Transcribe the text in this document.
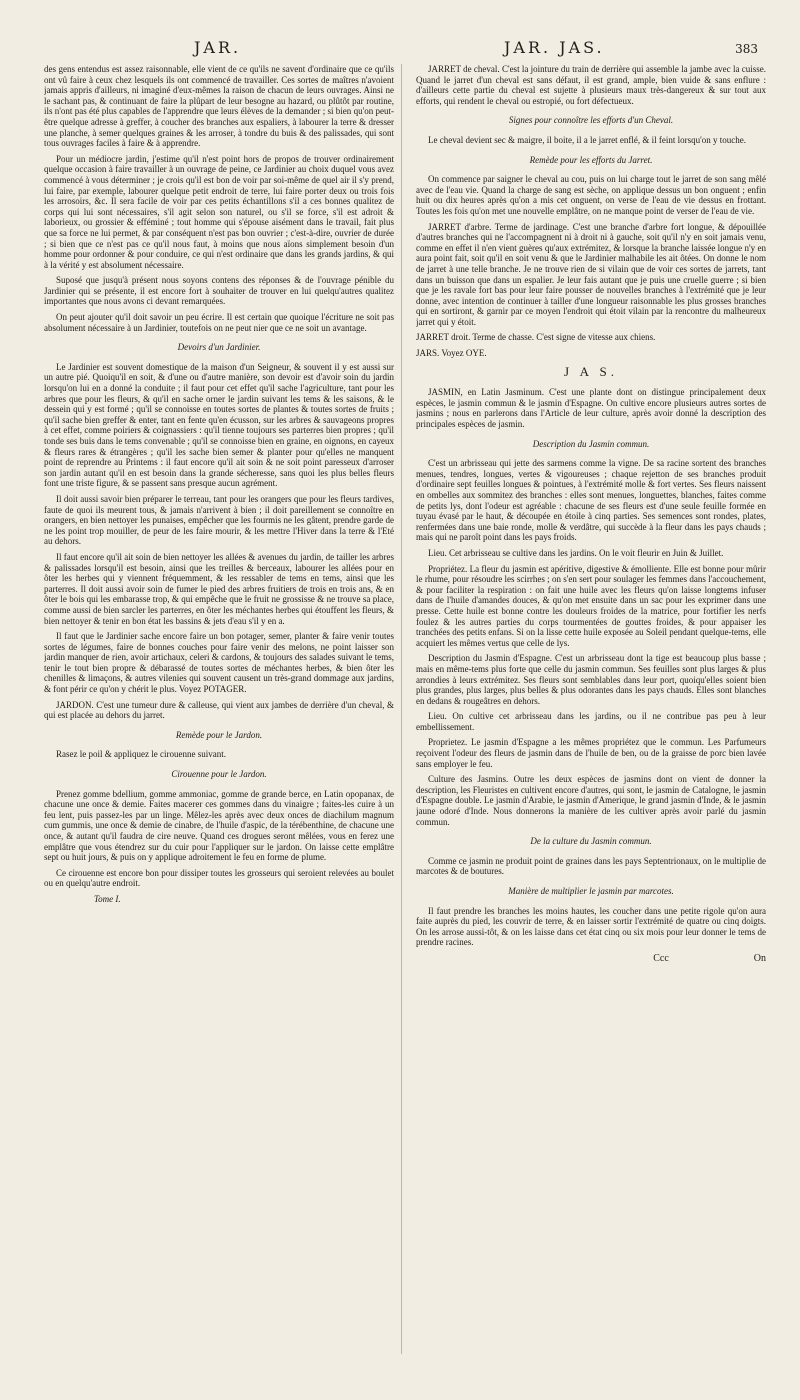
JAR.	JAR. JAS.	383

des gens entendus est assez raisonnable, elle vient de ce qu'ils ne savent d'ordinaire que ce qu'ils ont vû faire à ceux chez lesquels ils ont commencé de travailler. Ces sortes de maîtres n'avoient jamais appris d'ailleurs, ni imaginé d'eux-mêmes la raison de chacun de leurs ouvrages. Ainsi ne le sachant pas, & continuant de faire la plûpart de leur besogne au hazard, ou plûtôt par routine, ils n'ont pas été plus capables de l'apprendre que leurs élèves de la demander ; si bien qu'on peut-être quelque adresse à greffer, à coucher des branches aux espaliers, à labourer la terre & dresser une planche, à semer quelques graines & les arroser, à tondre du buis & des palissades, qui sont tous ouvrages faciles à faire & à apprendre.

Pour un médiocre jardin, j'estime qu'il n'est point hors de propos de trouver ordinairement quelque occasion à faire travailler à un ouvrage de peine, ce Jardinier au choix duquel vous avez commencé à vous déterminer ; je crois qu'il est bon de voir par soi-même de quel air il s'y prend, lui faire, par exemple, labourer quelque petit endroit de terre, lui faire porter deux ou trois fois les arrosoirs, &c. Il sera facile de voir par ces petits échantillons s'il a ces bonnes qualitez de corps qui lui sont nécessaires, s'il agit selon son naturel, ou s'il se force, s'il est adroit & laborieux, ou grossier & efféminé ; tout homme qui s'épouse aisément dans le travail, fait plus que sa force ne lui permet, & par conséquent n'est pas bon ouvrier ; c'est-à-dire, ouvrier de durée ; si bien que ce n'est pas ce qu'il nous faut, à moins que nous aïons simplement besoin d'un homme pour ordonner & pour conduire, ce qui n'est ordinaire que dans les grands jardins, & qui à la vérité y est absolument nécessaire.

Suposé que jusqu'à présent nous soyons contens des réponses & de l'ouvrage pénible du Jardinier qui se présente, il est encore fort à souhaiter de trouver en lui quelqu'autres qualitez importantes que nous avons ci devant remarquées.

On peut ajouter qu'il doit savoir un peu écrire. Il est certain que quoique l'écriture ne soit pas absolument nécessaire à un Jardinier, toutefois on ne peut nier que ce ne soit un avantage.

Devoirs d'un Jardinier.

Le Jardinier est souvent domestique de la maison d'un Seigneur, & souvent il y est aussi sur un autre pié. Quoiqu'il en soit, & d'une ou d'autre manière, son devoir est d'avoir soin du jardin lorsqu'on lui en a donné la conduite ; il faut pour cet effet qu'il sache l'agriculture, tant pour les arbres que pour les fleurs, & qu'il en sache orner le jardin suivant les tems & les saisons, & le dessein qui y est formé ; qu'il se connoisse en toutes sortes de plantes & toutes sortes de fruits ; qu'il sache bien greffer & enter, tant en fente qu'en écusson, sur les arbres & sauvageons propres à cet effet, comme poiriers & coignassiers : qu'il tienne toujours ses parterres bien propres ; qu'il tonde ses buis dans le tems convenable ; qu'il se connoisse bien en graine, en oignons, en cayeux & fleurs rares & étrangères ; qu'il les sache bien semer & planter pour qu'elles ne manquent point de reprendre au Printems : il faut encore qu'il ait soin & ne soit point paresseux d'arroser son jardin autant qu'il en est besoin dans la grande sécheresse, sans quoi les plus belles fleurs font une triste figure, & se passent sans presque aucun agrément.

Il doit aussi savoir bien préparer le terreau, tant pour les orangers que pour les fleurs tardives, faute de quoi ils meurent tous, & jamais n'arrivent à bien ; il doit pareillement se connoître en orangers, en bien nettoyer les punaises, empêcher que les fourmis ne les gâtent, prendre garde de ne les point trop mouiller, de peur de les faire mourir, & les mettre l'Hiver dans la terre & l'Eté au dehors.

Il faut encore qu'il ait soin de bien nettoyer les allées & avenues du jardin, de tailler les arbres & palissades lorsqu'il est besoin, ainsi que les treilles & berceaux, labourer les allées pour en ôter les herbes qui y viennent fréquemment, & les ressabler de tems en tems, ainsi que les parterres. Il doit aussi avoir soin de fumer le pied des arbres fruitiers de trois en trois ans, & en ôter le bois qui les embarasse trop, & qui empêche que le fruit ne grossisse & ne trouve sa place, comme aussi de bien sarcler les parterres, en ôter les méchantes herbes qui étouffent les fleurs, & bien nettoyer & tenir en bon état les bassins & jets d'eau s'il y en a.

Il faut que le Jardinier sache encore faire un bon potager, semer, planter & faire venir toutes sortes de légumes, faire de bonnes couches pour faire venir des melons, ne point laisser son jardin manquer de rien, avoir artichaux, celeri & cardons, & toujours des salades suivant le tems, tenir le tout bien propre & débarassé de toutes sortes de méchantes herbes, & bien ôter les chenilles & limaçons, & autres vilenies qui souvent causent un très-grand dommage aux jardins, & font périr ce qu'on y chérit le plus. Voyez POTAGER.

JARDON. C'est une tumeur dure & calleuse, qui vient aux jambes de derrière d'un cheval, & qui est placée au dehors du jarret.

Remède pour le Jardon.

Rasez le poil & appliquez le cirouenne suivant.

Cirouenne pour le Jardon.

Prenez gomme bdellium, gomme ammoniac, gomme de grande berce, en Latin opopanax, de chacune une once & demie. Faites macerer ces gommes dans du vinaigre ; faites-les cuire à un feu lent, puis passez-les par un linge. Mêlez-les après avec deux onces de diachilum magnum cum gummis, une once & demie de cinabre, de l'huile d'aspic, de la térébenthine, de chacune une once, & autant qu'il faudra de cire neuve. Quand ces drogues seront mêlées, vous en ferez une emplâtre que vous étendrez sur du cuir pour l'appliquer sur le jardon. On laisse cette emplâtre sept ou huit jours, & puis on y applique adroitement le feu en forme de plume.

Ce cirouenne est encore bon pour dissiper toutes les grosseurs qui seroient relevées au boulet ou en quelqu'autre endroit.

Tome I.

JARRET de cheval. C'est la jointure du train de derrière qui assemble la jambe avec la cuisse. Quand le jarret d'un cheval est sans défaut, il est grand, ample, bien vuide & sans enflure : d'ailleurs cette partie du cheval est sujette à plusieurs maux très-dangereux & sur tout aux efforts, qui rendent le cheval ou estropié, ou fort défectueux.

Signes pour connoître les efforts d'un Cheval.

Le cheval devient sec & maigre, il boite, il a le jarret enflé, & il feint lorsqu'on y touche.

Remède pour les efforts du Jarret.

On commence par saigner le cheval au cou, puis on lui charge tout le jarret de son sang mêlé avec de l'eau vie. Quand la charge de sang est sèche, on applique dessus un bon onguent ; enfin huit ou dix heures après qu'on a mis cet onguent, on verse de l'eau de vie dessus en frottant. Toutes les fois qu'on met une nouvelle emplâtre, on ne manque point de verser de l'eau de vie.

JARRET d'arbre. Terme de jardinage. C'est une branche d'arbre fort longue, & dépouillée d'autres branches qui ne l'accompagnent ni à droit ni à gauche, soit qu'il n'y en soit jamais venu, comme en effet il n'en vient guères qu'aux extrémitez, & lorsque la branche laissée longue n'y en aura point fait, soit qu'il en soit venu & que le Jardinier malhabile les ait ôtées. On donne le nom de jarret à une telle branche. Je ne trouve rien de si vilain que de voir ces sortes de jarrets, tant dans un buisson que dans un espalier. Je leur fais autant que je puis une cruelle guerre ; si bien que je les ravale fort bas pour leur faire pousser de nouvelles branches à l'extrémité que je leur donne, avec intention de continuer à tailler d'une longueur raisonnable les plus grosses branches qui en sortiront, & garnir par ce moyen l'endroit qui étoit vilain par la rencontre du malheureux jarret qui y étoit.

JARRET droit. Terme de chasse. C'est signe de vitesse aux chiens.

JARS. Voyez OYE.

J A S.

JASMIN, en Latin Jasminum. C'est une plante dont on distingue principalement deux espèces, le jasmin commun & le jasmin d'Espagne. On cultive encore plusieurs autres sortes de jasmins ; nous en parlerons dans l'Article de leur culture, après avoir donné la description des principales espèces de jasmin.

Description du Jasmin commun.

C'est un arbrisseau qui jette des sarmens comme la vigne. De sa racine sortent des branches menues, tendres, longues, vertes & vigoureuses ; chaque rejetton de ses branches produit d'ordinaire sept feuilles longues & pointues, à l'extrémité molle & fort vertes. Ses fleurs naissent en ombelles aux sommitez des branches : elles sont menues, longuettes, blanches, faites comme de petits lys, dont l'odeur est agréable : chacune de ses fleurs est d'une seule feuille formée en tuyau évasé par le haut, & découpée en étoile à cinq parties. Ses semences sont rondes, plates, renfermées dans une baie ronde, molle & verdâtre, qui succède à la fleur dans les pays chauds ; mais qui ne paroît point dans les pays froids.

Lieu. Cet arbrisseau se cultive dans les jardins. On le voit fleurir en Juin & Juillet.

Propriétez. La fleur du jasmin est apéritive, digestive & émolliente. Elle est bonne pour mûrir le rhume, pour résoudre les scirrhes ; on s'en sert pour soulager les femmes dans l'accouchement, & pour faciliter la respiration : on fait une huile avec les fleurs qu'on laisse longtems infuser dans de l'huile d'amandes douces, & qu'on met ensuite dans un sac pour les exprimer dans une presse. Cette huile est bonne contre les douleurs froides de la matrice, pour fortifier les nerfs foulez & les autres parties du corps tourmentées de gouttes froides, & pour appaiser les tranchées des petits enfans. Si on la lisse cette huile exposée au Soleil pendant quelque-tems, elle acquiert les mêmes vertus que celle de lys.

Description du Jasmin d'Espagne. C'est un arbrisseau dont la tige est beaucoup plus basse ; mais en même-tems plus forte que celle du jasmin commun. Ses feuilles sont plus larges & plus arrondies à leurs extrémitez. Ses fleurs sont semblables dans leur port, quoiqu'elles soient bien plus grandes, plus larges, plus belles & plus odorantes dans les pays chauds. Elles sont blanches en dedans & rougeâtres en dehors.

Lieu. On cultive cet arbrisseau dans les jardins, ou il ne contribue pas peu à leur embellissement.

Proprietez. Le jasmin d'Espagne a les mêmes propriétez que le commun. Les Parfumeurs reçoivent l'odeur des fleurs de jasmin dans de l'huile de ben, ou de la graisse de porc bien lavée sans employer le feu.

Culture des Jasmins. Outre les deux espèces de jasmins dont on vient de donner la description, les Fleuristes en cultivent encore d'autres, qui sont, le jasmin de Catalogne, le jasmin d'Espagne double. Le jasmin d'Arabie, le jasmin d'Amerique, le grand jasmin d'Inde, & le jasmin jaune odoré d'Inde. Nous donnerons la manière de les cultiver après avoir parlé du jasmin commun.

De la culture du Jasmin commun.

Comme ce jasmin ne produit point de graines dans les pays Septentrionaux, on le multiplie de marcotes & de boutures.

Manière de multiplier le jasmin par marcotes.

Il faut prendre les branches les moins hautes, les coucher dans une petite rigole qu'on aura faite auprès du pied, les couvrir de terre, & en laisser sortir l'extrémité de quatre ou cinq doigts. On les arrose aussi-tôt, & on les laisse dans cet état cinq ou six mois pour leur donner le tems de prendre racines.

Ccc	On
